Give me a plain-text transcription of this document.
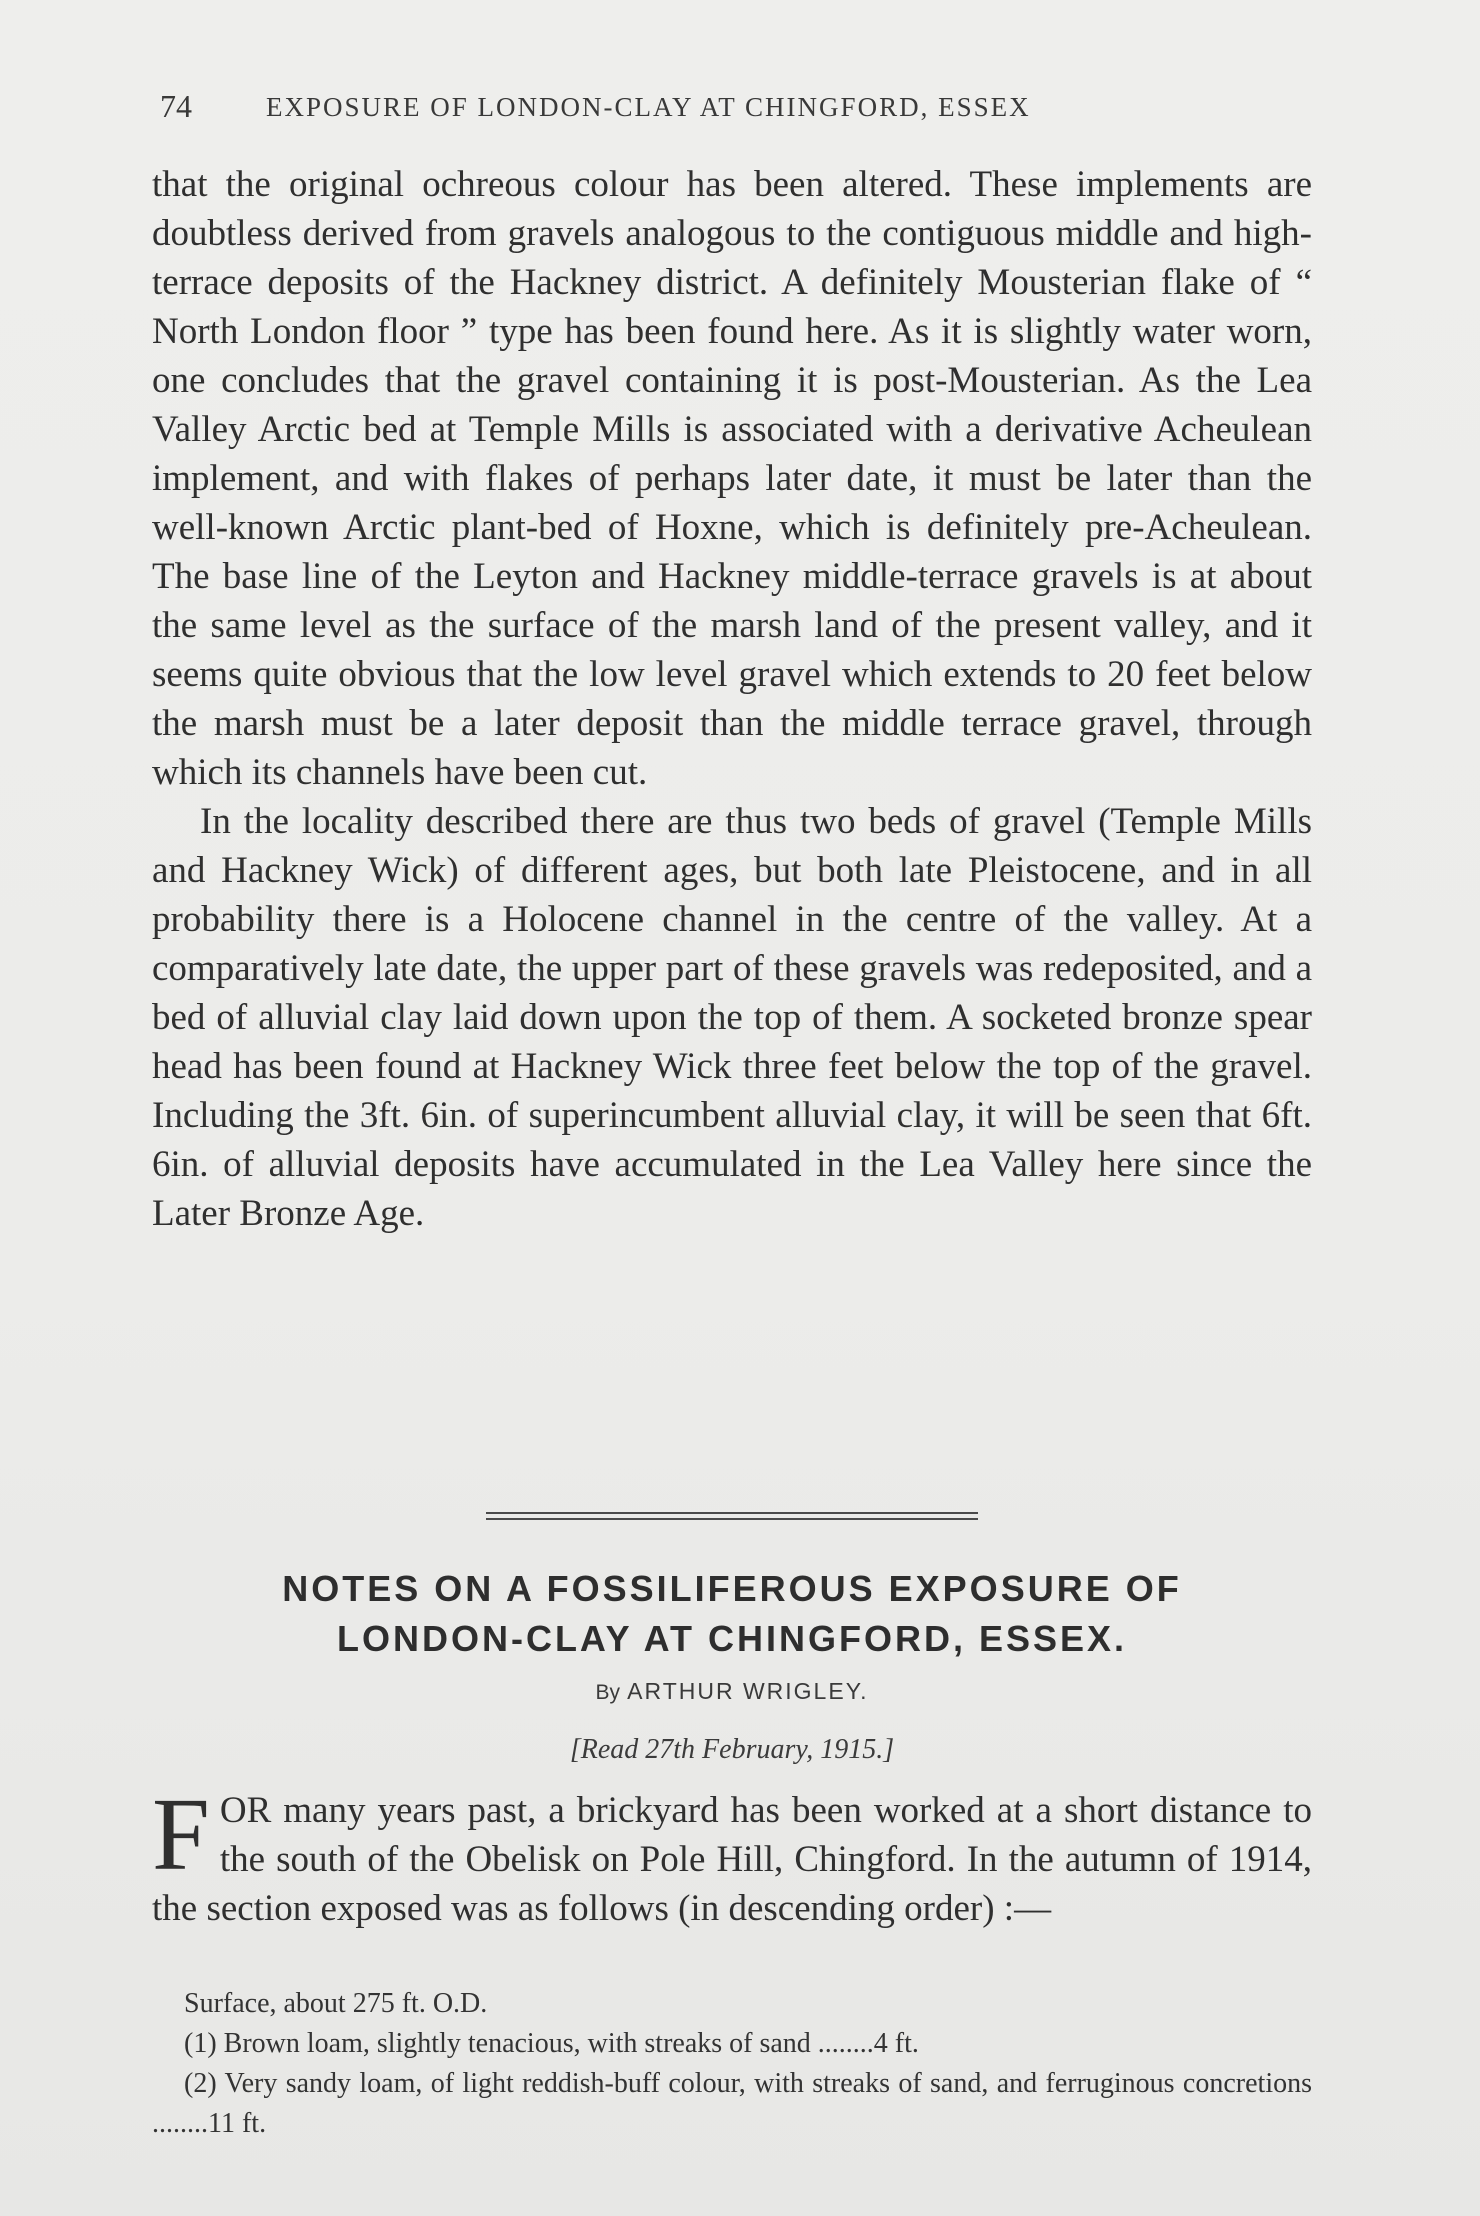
74	EXPOSURE OF LONDON-CLAY AT CHINGFORD, ESSEX

that the original ochreous colour has been altered. These implements are doubtless derived from gravels analogous to the contiguous middle and high-terrace deposits of the Hackney district. A definitely Mousterian flake of “ North London floor ” type has been found here. As it is slightly water worn, one concludes that the gravel containing it is post-Mousterian. As the Lea Valley Arctic bed at Temple Mills is associated with a derivative Acheulean implement, and with flakes of perhaps later date, it must be later than the well-known Arctic plant-bed of Hoxne, which is definitely pre-Acheulean. The base line of the Leyton and Hackney middle-terrace gravels is at about the same level as the surface of the marsh land of the present valley, and it seems quite obvious that the low level gravel which extends to 20 feet below the marsh must be a later deposit than the middle terrace gravel, through which its channels have been cut.

In the locality described there are thus two beds of gravel (Temple Mills and Hackney Wick) of different ages, but both late Pleistocene, and in all probability there is a Holocene channel in the centre of the valley. At a comparatively late date, the upper part of these gravels was redeposited, and a bed of alluvial clay laid down upon the top of them. A socketed bronze spear head has been found at Hackney Wick three feet below the top of the gravel. Including the 3ft. 6in. of superincumbent alluvial clay, it will be seen that 6ft. 6in. of alluvial deposits have accumulated in the Lea Valley here since the Later Bronze Age.

NOTES ON A FOSSILIFEROUS EXPOSURE OF
LONDON-CLAY AT CHINGFORD, ESSEX.
By ARTHUR WRIGLEY.
[Read 27th February, 1915.]
F OR many years past, a brickyard has been worked at a short distance to the south of the Obelisk on Pole Hill, Chingford. In the autumn of 1914, the section exposed was as follows (in descending order) :—
Surface, about 275 ft. O.D.
(1) Brown loam, slightly tenacious, with streaks of sand ........4 ft.
(2) Very sandy loam, of light reddish-buff colour, with streaks of sand, and ferruginous concretions ........11 ft.
